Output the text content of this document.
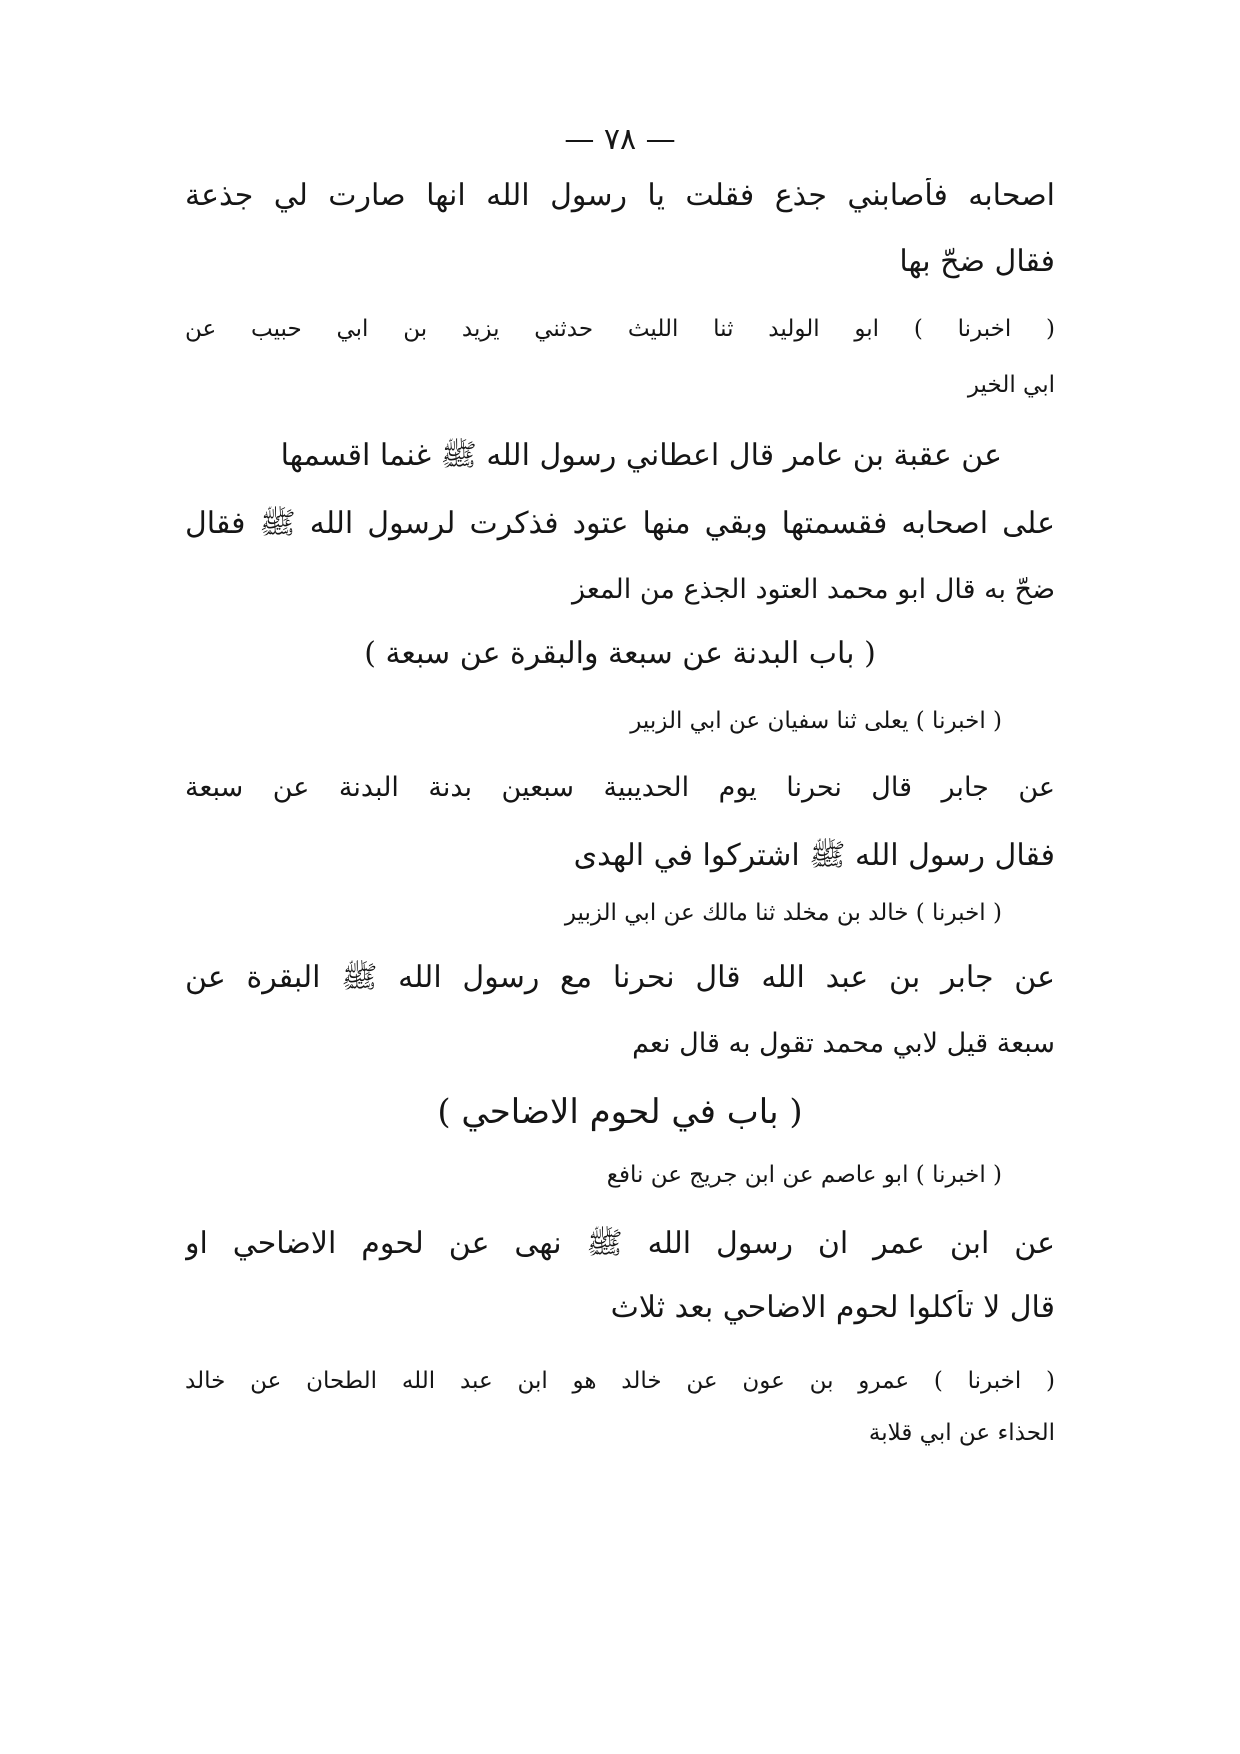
— ٧٨ —
اصحابه فأصابني جذع فقلت يا رسول الله انها صارت لي جذعة
فقال ضحّ بها
( اخبرنا ) ابو الوليد ثنا الليث حدثني يزيد بن ابي حبيب عن
ابي الخير
عن عقبة بن عامر قال اعطاني رسول الله ﷺ غنما اقسمها
على اصحابه فقسمتها وبقي منها عتود فذكرت لرسول الله ﷺ فقال
ضحّ به قال ابو محمد العتود الجذع من المعز
( باب البدنة عن سبعة والبقرة عن سبعة )
( اخبرنا ) يعلى ثنا سفيان عن ابي الزبير
عن جابر قال نحرنا يوم الحديبية سبعين بدنة البدنة عن سبعة
فقال رسول الله ﷺ اشتركوا في الهدى
( اخبرنا ) خالد بن مخلد ثنا مالك عن ابي الزبير
عن جابر بن عبد الله قال نحرنا مع رسول الله ﷺ البقرة عن
سبعة قيل لابي محمد تقول به قال نعم
( باب في لحوم الاضاحي )
( اخبرنا ) ابو عاصم عن ابن جريج عن نافع
عن ابن عمر ان رسول الله ﷺ نهى عن لحوم الاضاحي او
قال لا تأكلوا لحوم الاضاحي بعد ثلاث
( اخبرنا ) عمرو بن عون عن خالد هو ابن عبد الله الطحان عن خالد
الحذاء عن ابي قلابة
